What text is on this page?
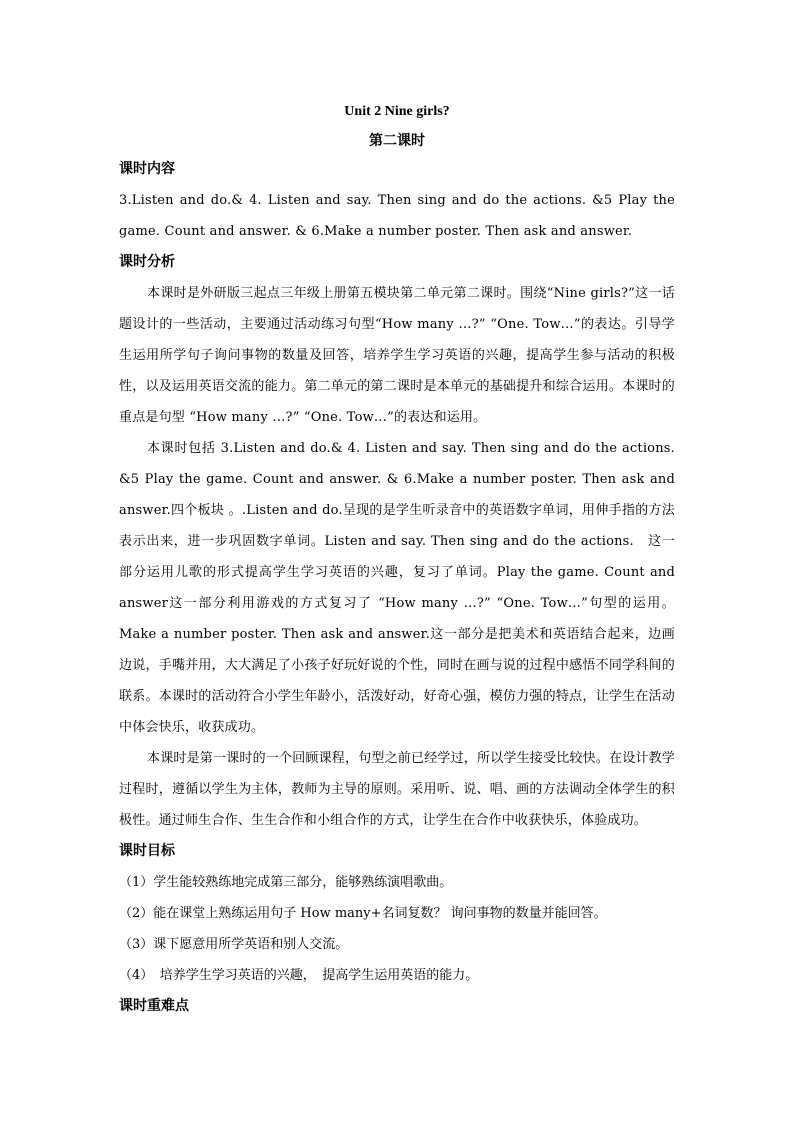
Unit 2 Nine girls?
第二课时
课时内容

3.Listen and do.& 4. Listen and say. Then sing and do the actions. &5 Play the game. Count and answer. & 6.Make a number poster. Then ask and answer.

课时分析

本课时是外研版三起点三年级上册第五模块第二单元第二课时。围绕“Nine girls?”这一话题设计的一些活动，主要通过活动练习句型“How many …?” “One. Tow…”的表达。引导学生运用所学句子询问事物的数量及回答，培养学生学习英语的兴趣，提高学生参与活动的积极性，以及运用英语交流的能力。第二单元的第二课时是本单元的基础提升和综合运用。本课时的重点是句型 “How many …?” “One. Tow…”的表达和运用。

本课时包括 3.Listen and do.& 4. Listen and say. Then sing and do the actions. &5 Play the game. Count and answer. & 6.Make a number poster. Then ask and answer.四个板块 。.Listen and do.呈现的是学生听录音中的英语数字单词，用伸手指的方法表示出来，进一步巩固数字单词。Listen and say. Then sing and do the actions.　这一部分运用儿歌的形式提高学生学习英语的兴趣，复习了单词。Play the game. Count and answer这一部分利用游戏的方式复习了 “How many …?” “One. Tow…”句型的运用。Make a number poster. Then ask and answer.这一部分是把美术和英语结合起来，边画边说，手嘴并用，大大满足了小孩子好玩好说的个性，同时在画与说的过程中感悟不同学科间的联系。本课时的活动符合小学生年龄小，活泼好动，好奇心强，模仿力强的特点，让学生在活动中体会快乐，收获成功。

本课时是第一课时的一个回顾课程，句型之前已经学过，所以学生接受比较快。在设计教学过程时，遵循以学生为主体，教师为主导的原则。采用听、说、唱、画的方法调动全体学生的积极性。通过师生合作、生生合作和小组合作的方式，让学生在合作中收获快乐，体验成功。

课时目标

（1）学生能较熟练地完成第三部分，能够熟练演唱歌曲。

（2）能在课堂上熟练运用句子 How many+名词复数？ 询问事物的数量并能回答。

（3）课下愿意用所学英语和别人交流。

（4）　培养学生学习英语的兴趣，　提高学生运用英语的能力。

课时重难点
